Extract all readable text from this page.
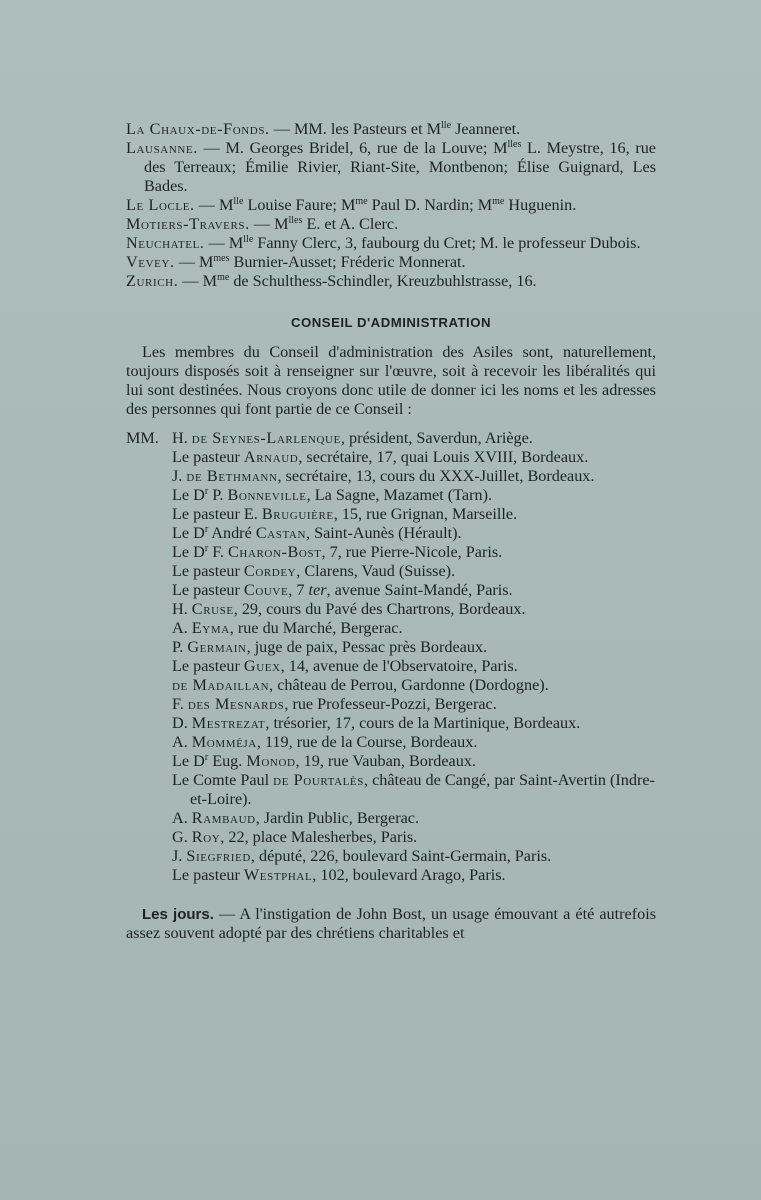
La Chaux-de-Fonds. — MM. les Pasteurs et $M^{lle}$ Jeanneret.
Lausanne. — M. Georges Bridel, 6, rue de la Louve; $M^{lles}$ L. Meystre, 16, rue des Terreaux; Émilie Rivier, Riant-Site, Montbenon; Élise Guignard, Les Bades.
Le Locle. — $M^{lle}$ Louise Faure; $M^{me}$ Paul D. Nardin; $M^{me}$ Huguenin.
Motiers-Travers. — $M^{lles}$ E. et A. Clerc.
Neuchatel. — $M^{lle}$ Fanny Clerc, 3, faubourg du Cret; M. le professeur Dubois.
Vevey. — $M^{mes}$ Burnier-Ausset; Fréderic Monnerat.
Zurich. — $M^{me}$ de Schulthess-Schindler, Kreuzbuhlstrasse, 16.
CONSEIL D'ADMINISTRATION
Les membres du Conseil d'administration des Asiles sont, naturellement, toujours disposés soit à renseigner sur l'œuvre, soit à recevoir les libéralités qui lui sont destinées. Nous croyons donc utile de donner ici les noms et les adresses des personnes qui font partie de ce Conseil :
MM. H. de Seynes-Larlenque, président, Saverdun, Ariège.
Le pasteur Arnaud, secrétaire, 17, quai Louis XVIII, Bordeaux.
J. de Bethmann, secrétaire, 13, cours du XXX-Juillet, Bordeaux.
Le $D^r$ P. Bonneville, La Sagne, Mazamet (Tarn).
Le pasteur E. Bruguière, 15, rue Grignan, Marseille.
Le $D^r$ André Castan, Saint-Aunès (Hérault).
Le $D^r$ F. Charon-Bost, 7, rue Pierre-Nicole, Paris.
Le pasteur Cordey, Clarens, Vaud (Suisse).
Le pasteur Couve, 7 ter, avenue Saint-Mandé, Paris.
H. Cruse, 29, cours du Pavé des Chartrons, Bordeaux.
A. Eyma, rue du Marché, Bergerac.
P. Germain, juge de paix, Pessac près Bordeaux.
Le pasteur Guex, 14, avenue de l'Observatoire, Paris.
de Madaillan, château de Perrou, Gardonne (Dordogne).
F. des Mesnards, rue Professeur-Pozzi, Bergerac.
D. Mestrezat, trésorier, 17, cours de la Martinique, Bordeaux.
A. Momméja, 119, rue de la Course, Bordeaux.
Le $D^r$ Eug. Monod, 19, rue Vauban, Bordeaux.
Le Comte Paul de Pourtalès, château de Cangé, par Saint-Avertin (Indre-et-Loire).
A. Rambaud, Jardin Public, Bergerac.
G. Roy, 22, place Malesherbes, Paris.
J. Siegfried, député, 226, boulevard Saint-Germain, Paris.
Le pasteur Westphal, 102, boulevard Arago, Paris.
Les jours. — A l'instigation de John Bost, un usage émouvant a été autrefois assez souvent adopté par des chrétiens charitables et
